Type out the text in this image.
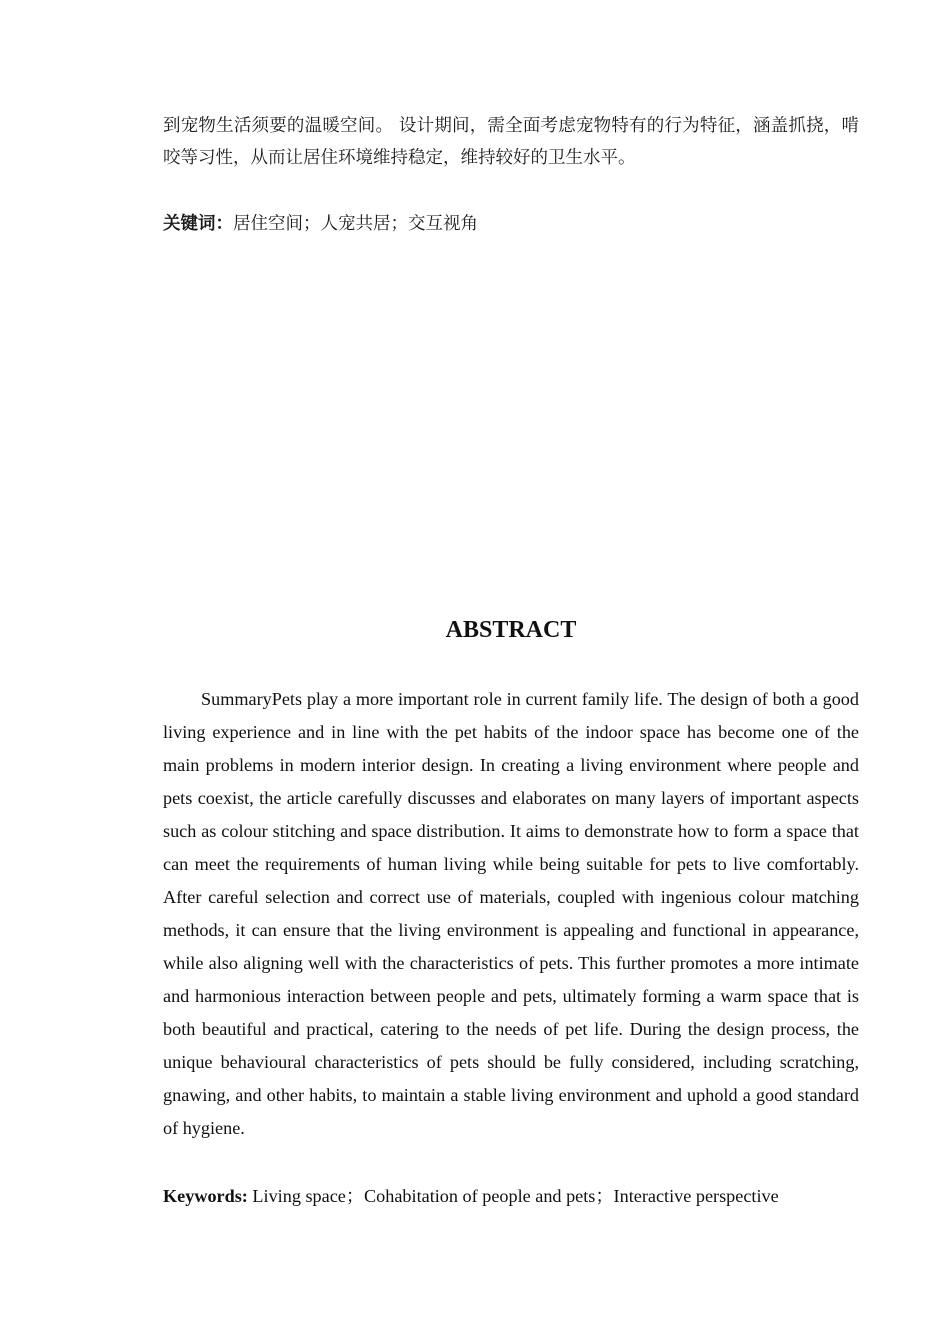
到宠物生活须要的温暖空间。 设计期间，需全面考虑宠物特有的行为特征，涵盖抓挠，啃咬等习性，从而让居住环境维持稳定，维持较好的卫生水平。

关键词：居住空间；人宠共居；交互视角

ABSTRACT

SummaryPets play a more important role in current family life. The design of both a good living experience and in line with the pet habits of the indoor space has become one of the main problems in modern interior design. In creating a living environment where people and pets coexist, the article carefully discusses and elaborates on many layers of important aspects such as colour stitching and space distribution. It aims to demonstrate how to form a space that can meet the requirements of human living while being suitable for pets to live comfortably. After careful selection and correct use of materials, coupled with ingenious colour matching methods, it can ensure that the living environment is appealing and functional in appearance, while also aligning well with the characteristics of pets. This further promotes a more intimate and harmonious interaction between people and pets, ultimately forming a warm space that is both beautiful and practical, catering to the needs of pet life. During the design process, the unique behavioural characteristics of pets should be fully considered, including scratching, gnawing, and other habits, to maintain a stable living environment and uphold a good standard of hygiene.

Keywords: Living space；Cohabitation of people and pets；Interactive perspective
